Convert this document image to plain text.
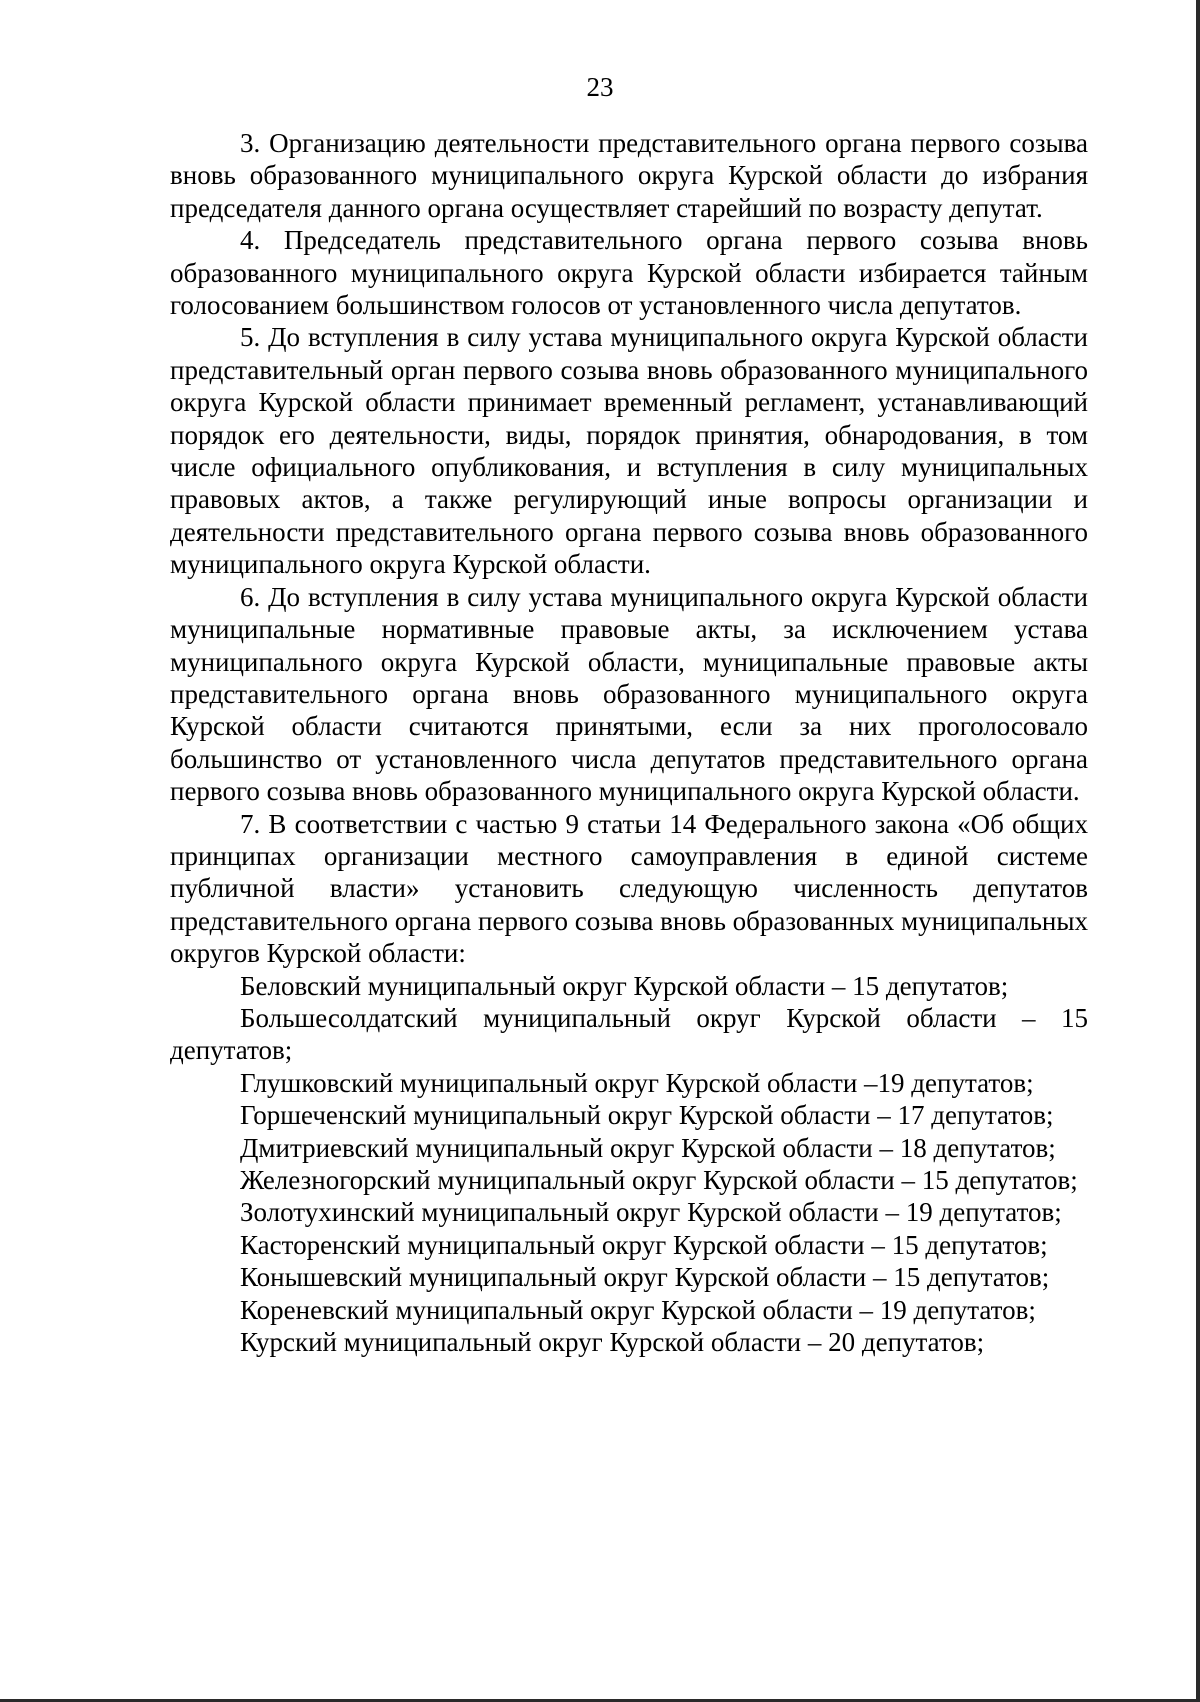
23

3. Организацию деятельности представительного органа первого созыва вновь образованного муниципального округа Курской области до избрания председателя данного органа осуществляет старейший по возрасту депутат.

4. Председатель представительного органа первого созыва вновь образованного муниципального округа Курской области избирается тайным голосованием большинством голосов от установленного числа депутатов.

5. До вступления в силу устава муниципального округа Курской области представительный орган первого созыва вновь образованного муниципального округа Курской области принимает временный регламент, устанавливающий порядок его деятельности, виды, порядок принятия, обнародования, в том числе официального опубликования, и вступления в силу муниципальных правовых актов, а также регулирующий иные вопросы организации и деятельности представительного органа первого созыва вновь образованного муниципального округа Курской области.

6. До вступления в силу устава муниципального округа Курской области муниципальные нормативные правовые акты, за исключением устава муниципального округа Курской области, муниципальные правовые акты представительного органа вновь образованного муниципального округа Курской области считаются принятыми, если за них проголосовало большинство от установленного числа депутатов представительного органа первого созыва вновь образованного муниципального округа Курской области.

7. В соответствии с частью 9 статьи 14 Федерального закона «Об общих принципах организации местного самоуправления в единой системе публичной власти» установить следующую численность депутатов представительного органа первого созыва вновь образованных муниципальных округов Курской области:

Беловский муниципальный округ Курской области – 15 депутатов;

Большесолдатский муниципальный округ Курской области – 15 депутатов;

Глушковский муниципальный округ Курской области –19 депутатов;

Горшеченский муниципальный округ Курской области – 17 депутатов;

Дмитриевский муниципальный округ Курской области – 18 депутатов;

Железногорский муниципальный округ Курской области – 15 депутатов;

Золотухинский муниципальный округ Курской области – 19 депутатов;

Касторенский муниципальный округ Курской области – 15 депутатов;

Конышевский муниципальный округ Курской области – 15 депутатов;

Кореневский муниципальный округ Курской области – 19 депутатов;

Курский муниципальный округ Курской области – 20 депутатов;
